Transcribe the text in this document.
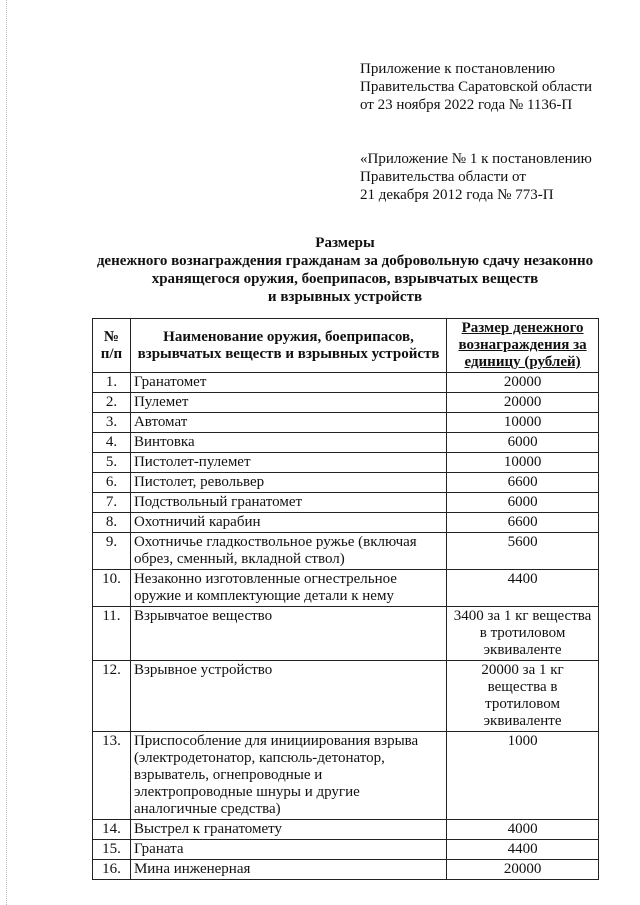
Приложение к постановлению
Правительства Саратовской области
от 23 ноября 2022 года № 1136-П
«Приложение № 1 к постановлению
Правительства области от
21 декабря 2012 года № 773-П
Размеры
денежного вознаграждения гражданам за добровольную сдачу незаконно
хранящегося оружия, боеприпасов, взрывчатых веществ
и взрывных устройств
№ п/п	Наименование оружия, боеприпасов, взрывчатых веществ и взрывных устройств	Размер денежного вознаграждения за единицу (рублей)
1.	Гранатомет	20000
2.	Пулемет	20000
3.	Автомат	10000
4.	Винтовка	6000
5.	Пистолет-пулемет	10000
6.	Пистолет, револьвер	6600
7.	Подствольный гранатомет	6000
8.	Охотничий карабин	6600
9.	Охотничье гладкоствольное ружье (включая обрез, сменный, вкладной ствол)	5600
10.	Незаконно изготовленные огнестрельное оружие и комплектующие детали к нему	4400
11.	Взрывчатое вещество	3400 за 1 кг вещества в тротиловом эквиваленте
12.	Взрывное устройство	20000 за 1 кг вещества в тротиловом эквиваленте
13.	Приспособление для инициирования взрыва (электродетонатор, капсюль-детонатор, взрыватель, огнепроводные и электропроводные шнуры и другие аналогичные средства)	1000
14.	Выстрел к гранатомету	4000
15.	Граната	4400
16.	Мина инженерная	20000
